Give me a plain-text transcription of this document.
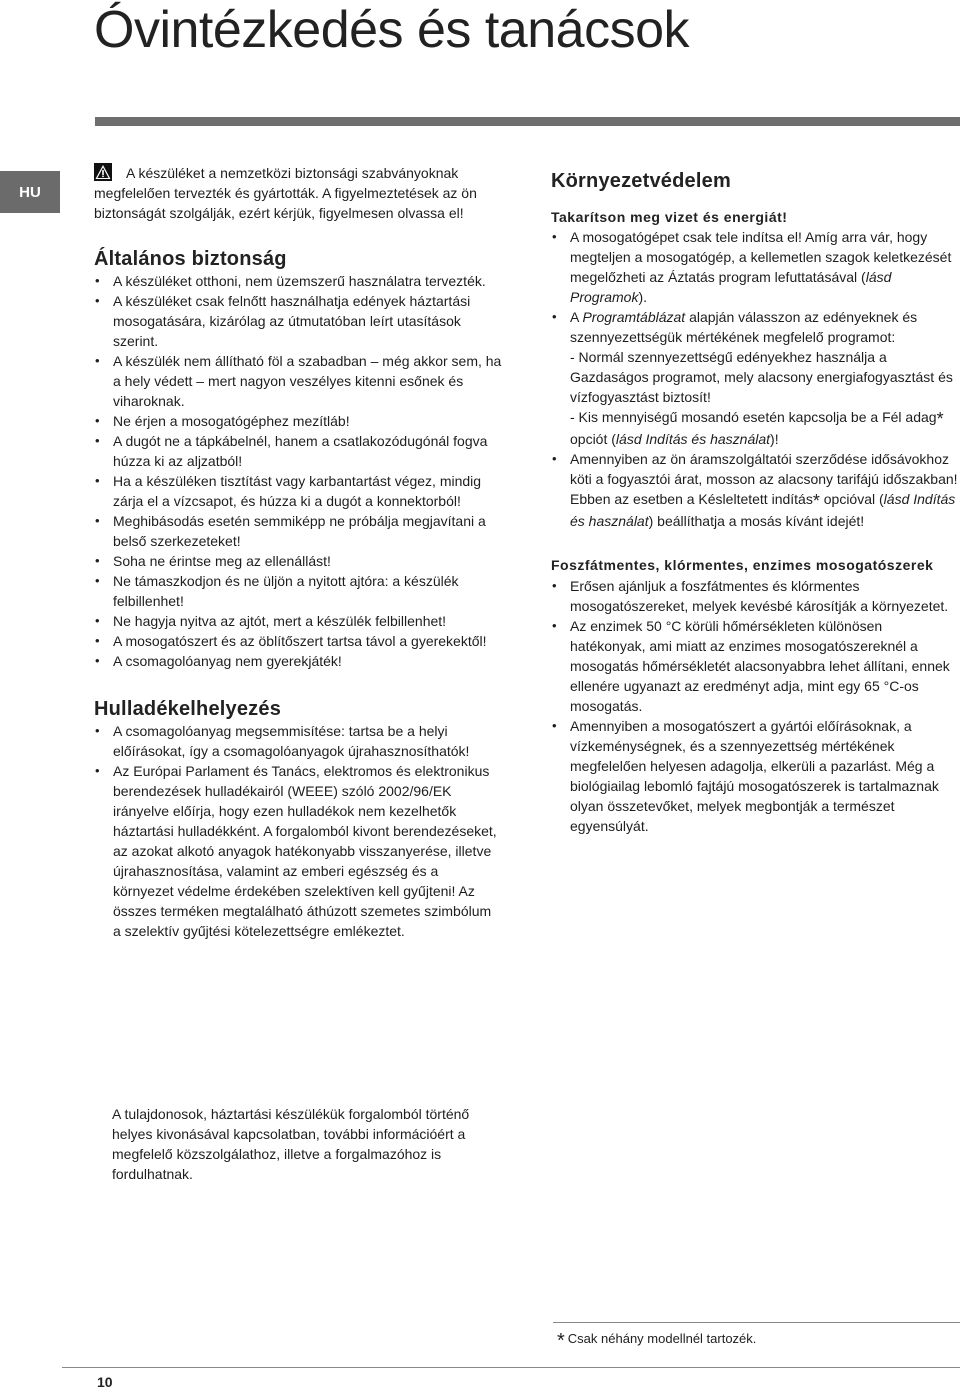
Óvintézkedés és tanácsok
HU

A készüléket a nemzetközi biztonsági szabványoknak megfelelően tervezték és gyártották. A figyelmeztetések az ön biztonságát szolgálják, ezért kérjük, figyelmesen olvassa el!

Általános biztonság
• A készüléket otthoni, nem üzemszerű használatra tervezték.
• A készüléket csak felnőtt használhatja edények háztartási mosogatására, kizárólag az útmutatóban leírt utasítások szerint.
• A készülék nem állítható föl a szabadban – még akkor sem, ha a hely védett – mert nagyon veszélyes kitenni esőnek és viharoknak.
• Ne érjen a mosogatógéphez mezítláb!
• A dugót ne a tápkábelnél, hanem a csatlakozódugónál fogva húzza ki az aljzatból!
• Ha a készüléken tisztítást vagy karbantartást végez, mindig zárja el a vízcsapot, és húzza ki a dugót a konnektorból!
• Meghibásodás esetén semmiképp ne próbálja megjavítani a belső szerkezeteket!
• Soha ne érintse meg az ellenállást!
• Ne támaszkodjon és ne üljön a nyitott ajtóra: a készülék felbillenhet!
• Ne hagyja nyitva az ajtót, mert a készülék felbillenhet!
• A mosogatószert és az öblítőszert tartsa távol a gyerekektől!
• A csomagolóanyag nem gyerekjáték!
Hulladékelhelyezés
• A csomagolóanyag megsemmisítése: tartsa be a helyi előírásokat, így a csomagolóanyagok újrahasznosíthatók!
• Az Európai Parlament és Tanács, elektromos és elektronikus berendezések hulladékairól (WEEE) szóló 2002/96/EK irányelve előírja, hogy ezen hulladékok nem kezelhetők háztartási hulladékként. A forgalomból kivont berendezéseket, az azokat alkotó anyagok hatékonyabb visszanyerése, illetve újrahasznosítása, valamint az emberi egészség és a környezet védelme érdekében szelektíven kell gyűjteni! Az összes terméken megtalálható áthúzott szemetes szimbólum a szelektív gyűjtési kötelezettségre emlékeztet.
A tulajdonosok, háztartási készülékük forgalomból történő helyes kivonásával kapcsolatban, további információért a megfelelő közszolgálathoz, illetve a forgalmazóhoz is fordulhatnak.
Környezetvédelem
Takarítson meg vizet és energiát!
• A mosogatógépet csak tele indítsa el! Amíg arra vár, hogy megteljen a mosogatógép, a kellemetlen szagok keletkezését megelőzheti az Áztatás program lefuttatásával (lásd Programok).
• A Programtáblázat alapján válasszon az edényeknek és szennyezettségük mértékének megfelelő programot:
- Normál szennyezettségű edényekhez használja a Gazdaságos programot, mely alacsony energiafogyasztást és vízfogyasztást biztosít!
- Kis mennyiségű mosandó esetén kapcsolja be a Fél adag* opciót (lásd Indítás és használat)!
• Amennyiben az ön áramszolgáltatói szerződése idősávokhoz köti a fogyasztói árat, mosson az alacsony tarifájú időszakban! Ebben az esetben a Késleltetett indítás* opcióval (lásd Indítás és használat) beállíthatja a mosás kívánt idejét!
Foszfátmentes, klórmentes, enzimes mosogatószerek
• Erősen ajánljuk a foszfátmentes és klórmentes mosogatószereket, melyek kevésbé károsítják a környezetet.
• Az enzimek 50 °C körüli hőmérsékleten különösen hatékonyak, ami miatt az enzimes mosogatószereknél a mosogatás hőmérsékletét alacsonyabbra lehet állítani, ennek ellenére ugyanazt az eredményt adja, mint egy 65 °C-os mosogatás.
• Amennyiben a mosogatószert a gyártói előírásoknak, a vízkeménységnek, és a szennyezettség mértékének megfelelően helyesen adagolja, elkerüli a pazarlást. Még a biológiailag lebomló fajtájú mosogatószerek is tartalmaznak olyan összetevőket, melyek megbontják a természet egyensúlyát.
* Csak néhány modellnél tartozék.
10
